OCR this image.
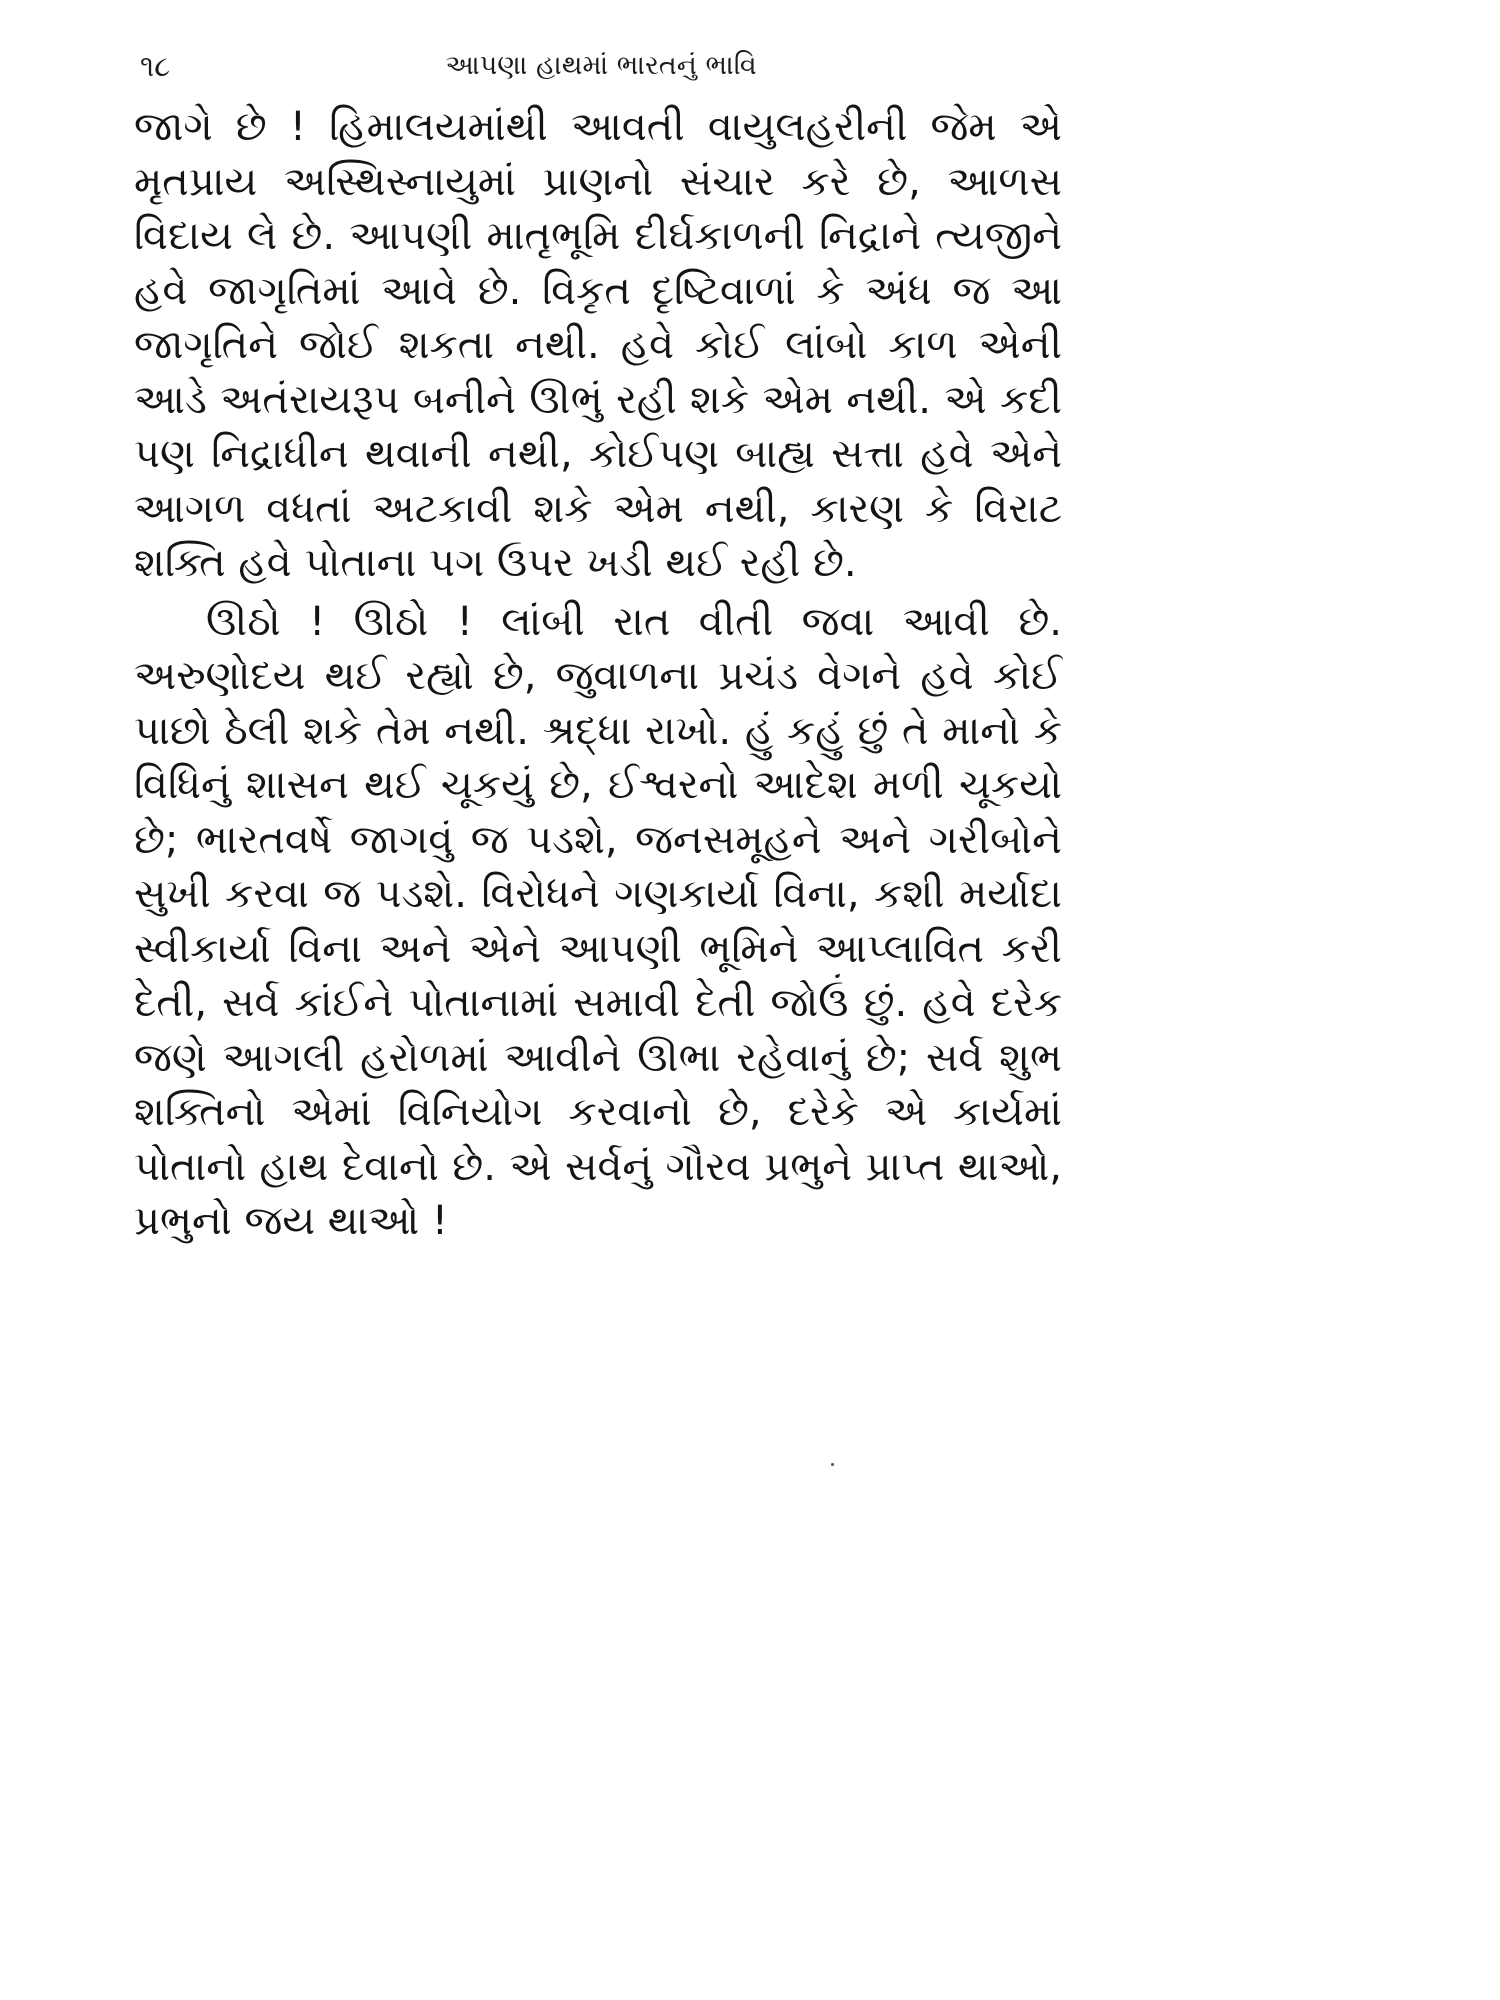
૧૮	આપણા હાથમાં ભારતનું ભાવિ

જાગે છે ! હિમાલયમાંથી આવતી વાયુલહરીની જેમ એ મૃતપ્રાય અસ્થિસ્નાયુમાં પ્રાણનો સંચાર કરે છે, આળસ વિદાય લે છે. આપણી માતૃભૂમિ દીર્ઘકાળની નિદ્રાને ત્યજીને હવે જાગૃતિમાં આવે છે. વિકૃત દૃષ્ટિવાળાં કે અંધ જ આ જાગૃતિને જોઈ શકતા નથી. હવે કોઈ લાંબો કાળ એની આડે અતંરાયરૂપ બનીને ઊભું રહી શકે એમ નથી. એ કદી પણ નિદ્રાધીન થવાની નથી, કોઈપણ બાહ્ય સત્તા હવે એને આગળ વધતાં અટકાવી શકે એમ નથી, કારણ કે વિરાટ શક્તિ હવે પોતાના પગ ઉપર ખડી થઈ રહી છે.

ઊઠો ! ઊઠો ! લાંબી રાત વીતી જવા આવી છે. અરુણોદય થઈ રહ્યો છે, જુવાળના પ્રચંડ વેગને હવે કોઈ પાછો ઠેલી શકે તેમ નથી. શ્રદ્ધા રાખો. હું કહું છું તે માનો કે વિધિનું શાસન થઈ ચૂકયું છે, ઈશ્વરનો આદેશ મળી ચૂકયો છે; ભારતવર્ષે જાગવું જ પડશે, જનસમૂહને અને ગરીબોને સુખી કરવા જ પડશે. વિરોધને ગણકાર્યા વિના, કશી મર્યાદા સ્વીકાર્યા વિના અને એને આપણી ભૂમિને આપ્લાવિત કરી દેતી, સર્વ કાંઈને પોતાનામાં સમાવી દેતી જોઉં છું. હવે દરેક જણે આગલી હરોળમાં આવીને ઊભા રહેવાનું છે; સર્વ શુભ શક્તિનો એમાં વિનિયોગ કરવાનો છે, દરેકે એ કાર્યમાં પોતાનો હાથ દેવાનો છે. એ સર્વનું ગૌરવ પ્રભુને પ્રાપ્ત થાઓ, પ્રભુનો જય થાઓ !
